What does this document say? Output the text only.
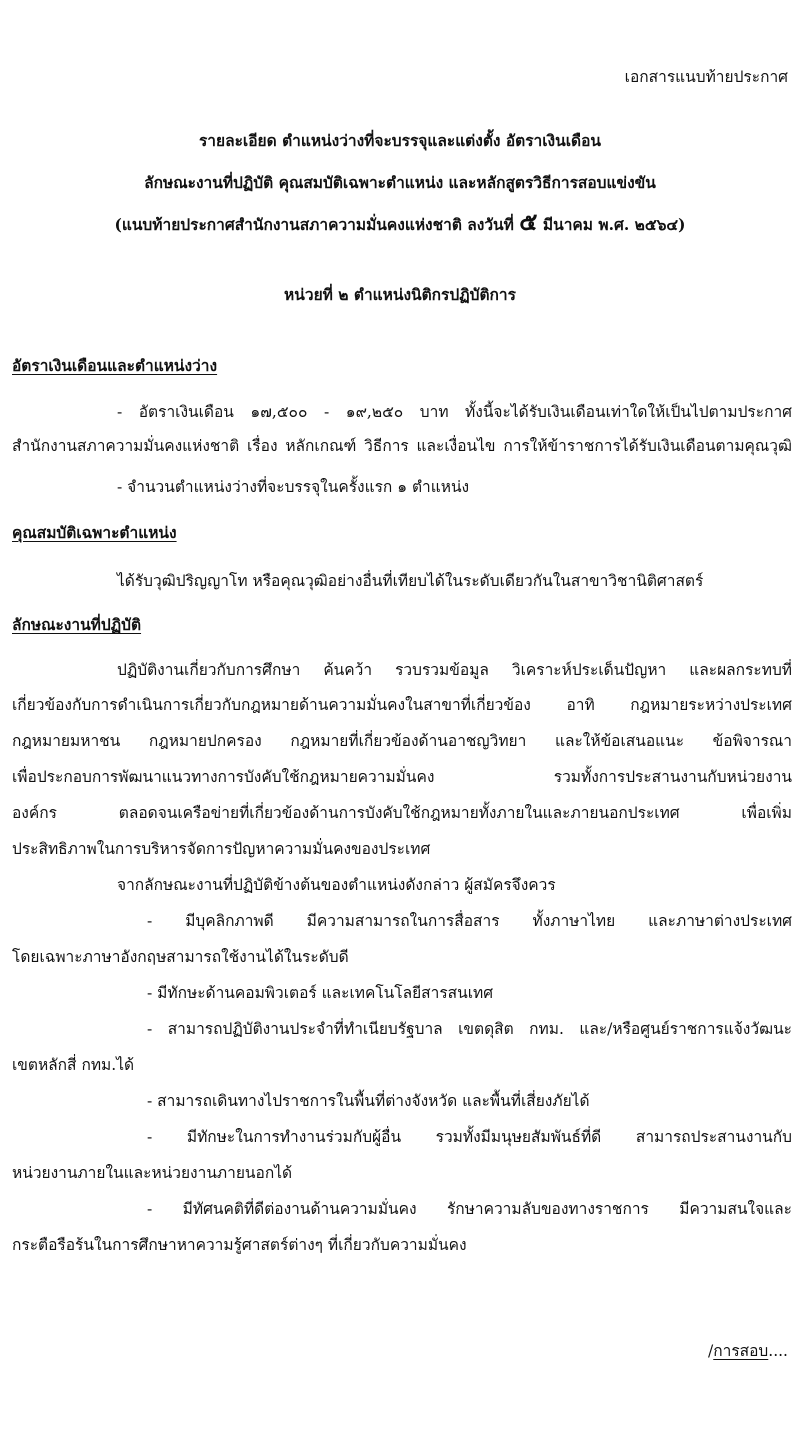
เอกสารแนบท้ายประกาศ
รายละเอียด ตำแหน่งว่างที่จะบรรจุและแต่งตั้ง อัตราเงินเดือน
ลักษณะงานที่ปฏิบัติ คุณสมบัติเฉพาะตำแหน่ง และหลักสูตรวิธีการสอบแข่งขัน
(แนบท้ายประกาศสำนักงานสภาความมั่นคงแห่งชาติ ลงวันที่ ๕ มีนาคม พ.ศ. ๒๕๖๔)
หน่วยที่ ๒ ตำแหน่งนิติกรปฏิบัติการ
อัตราเงินเดือนและตำแหน่งว่าง
- อัตราเงินเดือน ๑๗,๕๐๐ - ๑๙,๒๕๐ บาท ทั้งนี้จะได้รับเงินเดือนเท่าใดให้เป็นไปตามประกาศ
สำนักงานสภาความมั่นคงแห่งชาติ เรื่อง หลักเกณฑ์ วิธีการ และเงื่อนไข การให้ข้าราชการได้รับเงินเดือนตามคุณวุฒิ
- จำนวนตำแหน่งว่างที่จะบรรจุในครั้งแรก ๑ ตำแหน่ง
คุณสมบัติเฉพาะตำแหน่ง
ได้รับวุฒิปริญญาโท หรือคุณวุฒิอย่างอื่นที่เทียบได้ในระดับเดียวกันในสาขาวิชานิติศาสตร์
ลักษณะงานที่ปฏิบัติ
ปฏิบัติงานเกี่ยวกับการศึกษา ค้นคว้า รวบรวมข้อมูล วิเคราะห์ประเด็นปัญหา และผลกระทบที่
เกี่ยวข้องกับการดำเนินการเกี่ยวกับกฎหมายด้านความมั่นคงในสาขาที่เกี่ยวข้อง อาทิ กฎหมายระหว่างประเทศ
กฎหมายมหาชน กฎหมายปกครอง กฎหมายที่เกี่ยวข้องด้านอาชญวิทยา และให้ข้อเสนอแนะ ข้อพิจารณา
เพื่อประกอบการพัฒนาแนวทางการบังคับใช้กฎหมายความมั่นคง รวมทั้งการประสานงานกับหน่วยงาน
องค์กร ตลอดจนเครือข่ายที่เกี่ยวข้องด้านการบังคับใช้กฎหมายทั้งภายในและภายนอกประเทศ เพื่อเพิ่ม
ประสิทธิภาพในการบริหารจัดการปัญหาความมั่นคงของประเทศ
จากลักษณะงานที่ปฏิบัติข้างต้นของตำแหน่งดังกล่าว ผู้สมัครจึงควร
- มีบุคลิกภาพดี มีความสามารถในการสื่อสาร ทั้งภาษาไทย และภาษาต่างประเทศ
โดยเฉพาะภาษาอังกฤษสามารถใช้งานได้ในระดับดี
- มีทักษะด้านคอมพิวเตอร์ และเทคโนโลยีสารสนเทศ
- สามารถปฏิบัติงานประจำที่ทำเนียบรัฐบาล เขตดุสิต กทม. และ/หรือศูนย์ราชการแจ้งวัฒนะ
เขตหลักสี่ กทม.ได้
- สามารถเดินทางไปราชการในพื้นที่ต่างจังหวัด และพื้นที่เสี่ยงภัยได้
- มีทักษะในการทำงานร่วมกับผู้อื่น รวมทั้งมีมนุษยสัมพันธ์ที่ดี สามารถประสานงานกับ
หน่วยงานภายในและหน่วยงานภายนอกได้
- มีทัศนคติที่ดีต่องานด้านความมั่นคง รักษาความลับของทางราชการ มีความสนใจและ
กระตือรือร้นในการศึกษาหาความรู้ศาสตร์ต่างๆ ที่เกี่ยวกับความมั่นคง
/การสอบ....
